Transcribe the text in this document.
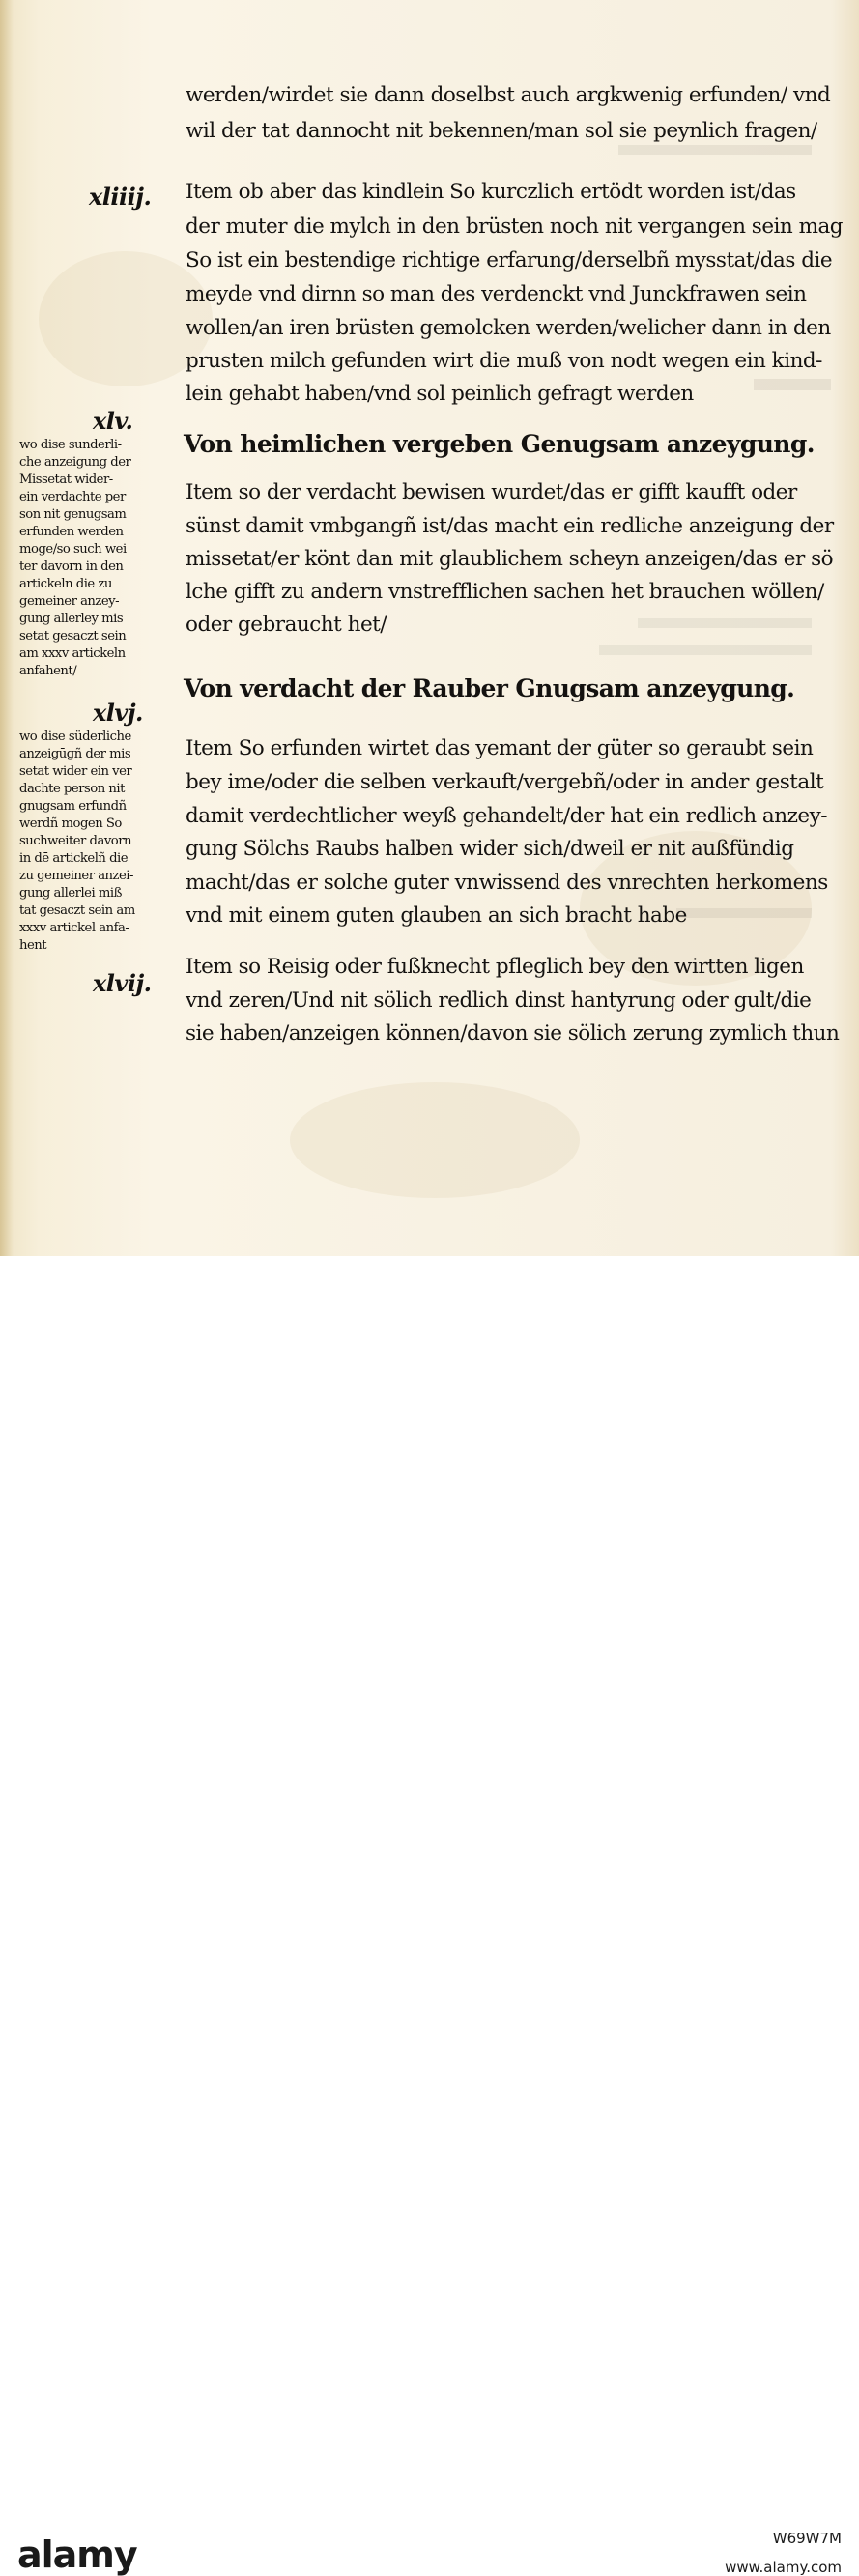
werden/wirdet sie dann doselbst auch argkwenig erfunden/ vnd
wil der tat dannocht nit bekennen/man sol sie peynlich fragen/
Item ob aber das kindlein So kurczlich ertödt worden ist/das
der muter die mylch in den brüsten noch nit vergangen sein mag
So ist ein bestendige richtige erfarung/derselbñ mysstat/das die
meyde vnd dirnn so man des verdenckt vnd Junckfrawen sein
wollen/an iren brüsten gemolcken werden/welicher dann in den
prusten milch gefunden wirt die muß von nodt wegen ein kind-
lein gehabt haben/vnd sol peinlich gefragt werden
Von heimlichen vergeben Genugsam anzeygung.
Item so der verdacht bewisen wurdet/das er gifft kaufft oder
sünst damit vmbgangñ ist/das macht ein redliche anzeigung der
missetat/er könt dan mit glaublichem scheyn anzeigen/das er sö
lche gifft zu andern vnstrefflichen sachen het brauchen wöllen/
oder gebraucht het/
Von verdacht der Rauber Gnugsam anzeygung.
Item So erfunden wirtet das yemant der güter so geraubt sein
bey ime/oder die selben verkauft/vergebñ/oder in ander gestalt
damit verdechtlicher weyß gehandelt/der hat ein redlich anzey-
gung Sölchs Raubs halben wider sich/dweil er nit außfündig
macht/das er solche guter vnwissend des vnrechten herkomens
vnd mit einem guten glauben an sich bracht habe
Item so Reisig oder fußknecht pfleglich bey den wirtten ligen
vnd zeren/Und nit sölich redlich dinst hantyrung oder gult/die
sie haben/anzeigen können/davon sie sölich zerung zymlich thun
xliiij.
xlv.
xlvj.
xlvij.
wo dise sunderli-
che anzeigung der
Missetat wider-
ein verdachte per
son nit genugsam
erfunden werden
moge/so such wei
ter davorn in den
artickeln die zu
gemeiner anzey-
gung allerley mis
setat gesaczt sein
am xxxv artickeln
anfahent/
wo dise süderliche
anzeigūgñ der mis
setat wider ein ver
dachte person nit
gnugsam erfundñ
werdñ mogen So
suchweiter davorn
in dē artickelñ die
zu gemeiner anzei-
gung allerlei miß
tat gesaczt sein am
xxxv artickel anfa-
hent
alamy	W69W7M
www.alamy.com
